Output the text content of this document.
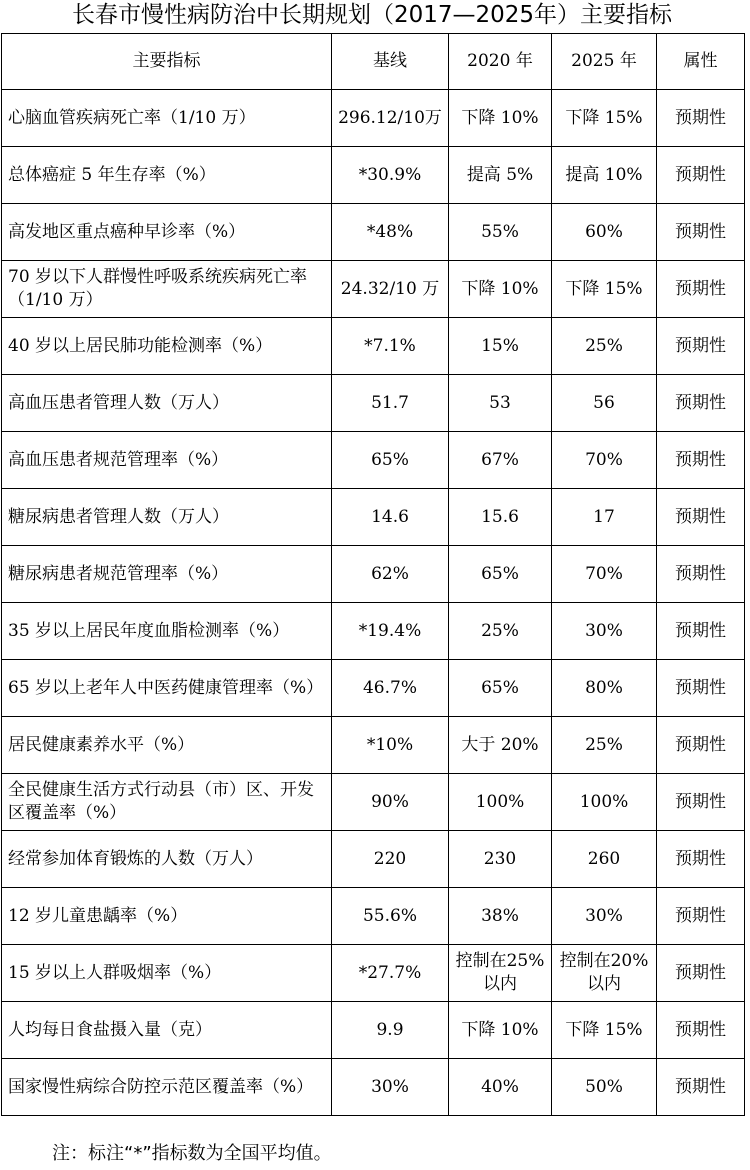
长春市慢性病防治中长期规划（2017—2025年）主要指标
主要指标	基线	2020 年	2025 年	属性
心脑血管疾病死亡率（1/10 万）	296.12/10万	下降 10%	下降 15%	预期性
总体癌症 5 年生存率（%）	*30.9%	提高 5%	提高 10%	预期性
高发地区重点癌种早诊率（%）	*48%	55%	60%	预期性
70 岁以下人群慢性呼吸系统疾病死亡率（1/10 万）	24.32/10 万	下降 10%	下降 15%	预期性
40 岁以上居民肺功能检测率（%）	*7.1%	15%	25%	预期性
高血压患者管理人数（万人）	51.7	53	56	预期性
高血压患者规范管理率（%）	65%	67%	70%	预期性
糖尿病患者管理人数（万人）	14.6	15.6	17	预期性
糖尿病患者规范管理率（%）	62%	65%	70%	预期性
35 岁以上居民年度血脂检测率（%）	*19.4%	25%	30%	预期性
65 岁以上老年人中医药健康管理率（%）	46.7%	65%	80%	预期性
居民健康素养水平（%）	*10%	大于 20%	25%	预期性
全民健康生活方式行动县（市）区、开发区覆盖率（%）	90%	100%	100%	预期性
经常参加体育锻炼的人数（万人）	220	230	260	预期性
12 岁儿童患龋率（%）	55.6%	38%	30%	预期性
15 岁以上人群吸烟率（%）	*27.7%	控制在25%以内	控制在20%以内	预期性
人均每日食盐摄入量（克）	9.9	下降 10%	下降 15%	预期性
国家慢性病综合防控示范区覆盖率（%）	30%	40%	50%	预期性
注：标注“*”指标数为全国平均值。
